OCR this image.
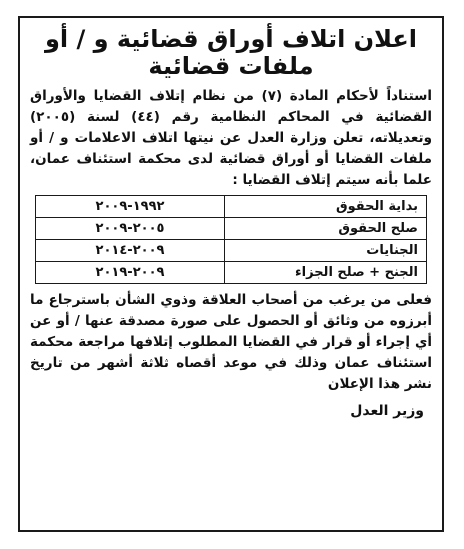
اعلان اتلاف أوراق قضائية و / أو ملفات قضائية
استناداً لأحكام المادة (٧) من نظام إتلاف القضايا والأوراق القضائية في المحاكم النظامية رقم (٤٤) لسنة (٢٠٠٥) وتعديلاته، تعلن وزارة العدل عن نيتها اتلاف الاعلامات و / أو ملفات القضايا أو أوراق قضائية لدى محكمة استئناف عمان، علما بأنه سيتم إتلاف القضايا :
بداية الحقوق	١٩٩٢-٢٠٠٩
صلح الحقوق	٢٠٠٥-٢٠٠٩
الجنايات	٢٠٠٩-٢٠١٤
الجنح + صلح الجزاء	٢٠٠٩-٢٠١٩
فعلى من يرغب من أصحاب العلاقة وذوي الشأن باسترجاع ما أبرزوه من وثائق أو الحصول على صورة مصدقة عنها / أو عن أي إجراء أو قرار في القضايا المطلوب إتلافها مراجعة محكمة استئناف عمان وذلك في موعد أقصاه ثلاثة أشهر من تاريخ نشر هذا الإعلان
وزير العدل
